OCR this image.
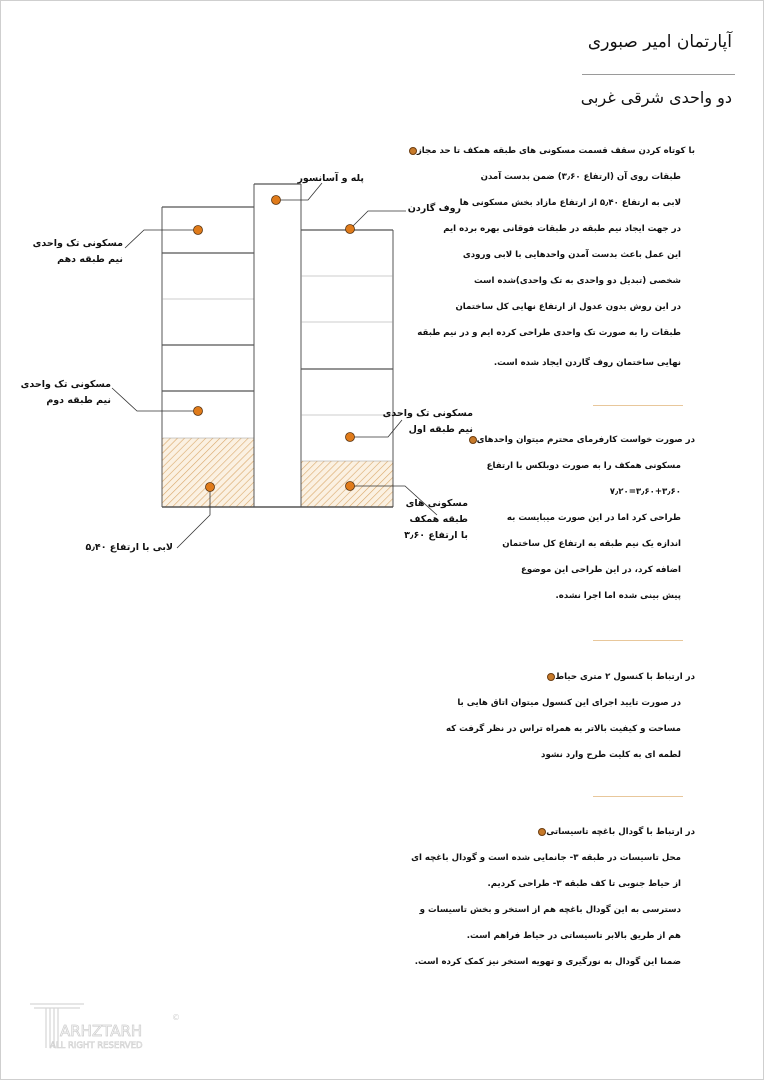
آپارتمان امیر صبوری
دو واحدی شرقی غربی
پله و آسانسور
روف گاردن
مسکونی تک واحدی
نیم طبقه دهم
مسکونی تک واحدی
نیم طبقه دوم
مسکونی تک واحدی
نیم طبقه اول
مسکونی های
طبقه همکف
با ارتفاع ۳٫۶۰
لابی با ارتفاع ۵٫۴۰
با کوتاه کردن سقف قسمت مسکونی های طبقه همکف تا حد مجاز
طبقات روی آن (ارتفاع ۳٫۶۰) ضمن بدست آمدن
لابی به ارتفاع ۵٫۴۰ از ارتفاع مازاد بخش مسکونی ها
در جهت ایجاد نیم طبقه در طبقات فوقانی بهره برده ایم
این عمل باعث بدست آمدن واحدهایی با لابی ورودی
شخصی (تبدیل دو واحدی به تک واحدی)شده است
در این روش بدون عدول از ارتفاع نهایی کل ساختمان
طبقات را به صورت تک واحدی طراحی کرده ایم و در نیم طبقه
نهایی ساختمان روف گاردن ایجاد شده است.
در صورت خواست کارفرمای محترم میتوان واحدهای
مسکونی همکف را به صورت دوبلکس با ارتفاع
۳٫۶۰+۳٫۶۰=۷٫۲۰
طراحی کرد اما در این صورت میبایست به
اندازه یک نیم طبقه به ارتفاع کل ساختمان
اضافه کرد، در این طراحی این موضوع
پیش بینی شده اما اجرا نشده.
در ارتباط با کنسول ۲ متری حیاط
در صورت تایید اجرای این کنسول میتوان اتاق هایی با
مساحت و کیفیت بالاتر به همراه تراس در نظر گرفت که
لطمه ای به کلیت طرح وارد نشود
در ارتباط با گودال باغچه تاسیساتی
محل تاسیسات در طبقه ۳- جانمایی شده است و گودال باغچه ای
از حیاط جنوبی تا کف طبقه ۳- طراحی کردیم.
دسترسی به این گودال باغچه هم از استخر و بخش تاسیسات و
هم از طریق بالابر تاسیساتی در حیاط فراهم است.
ضمنا این گودال به نورگیری و تهویه استخر نیز کمک کرده است.
ARHZTARH
ALL RIGHT RESERVED
©
